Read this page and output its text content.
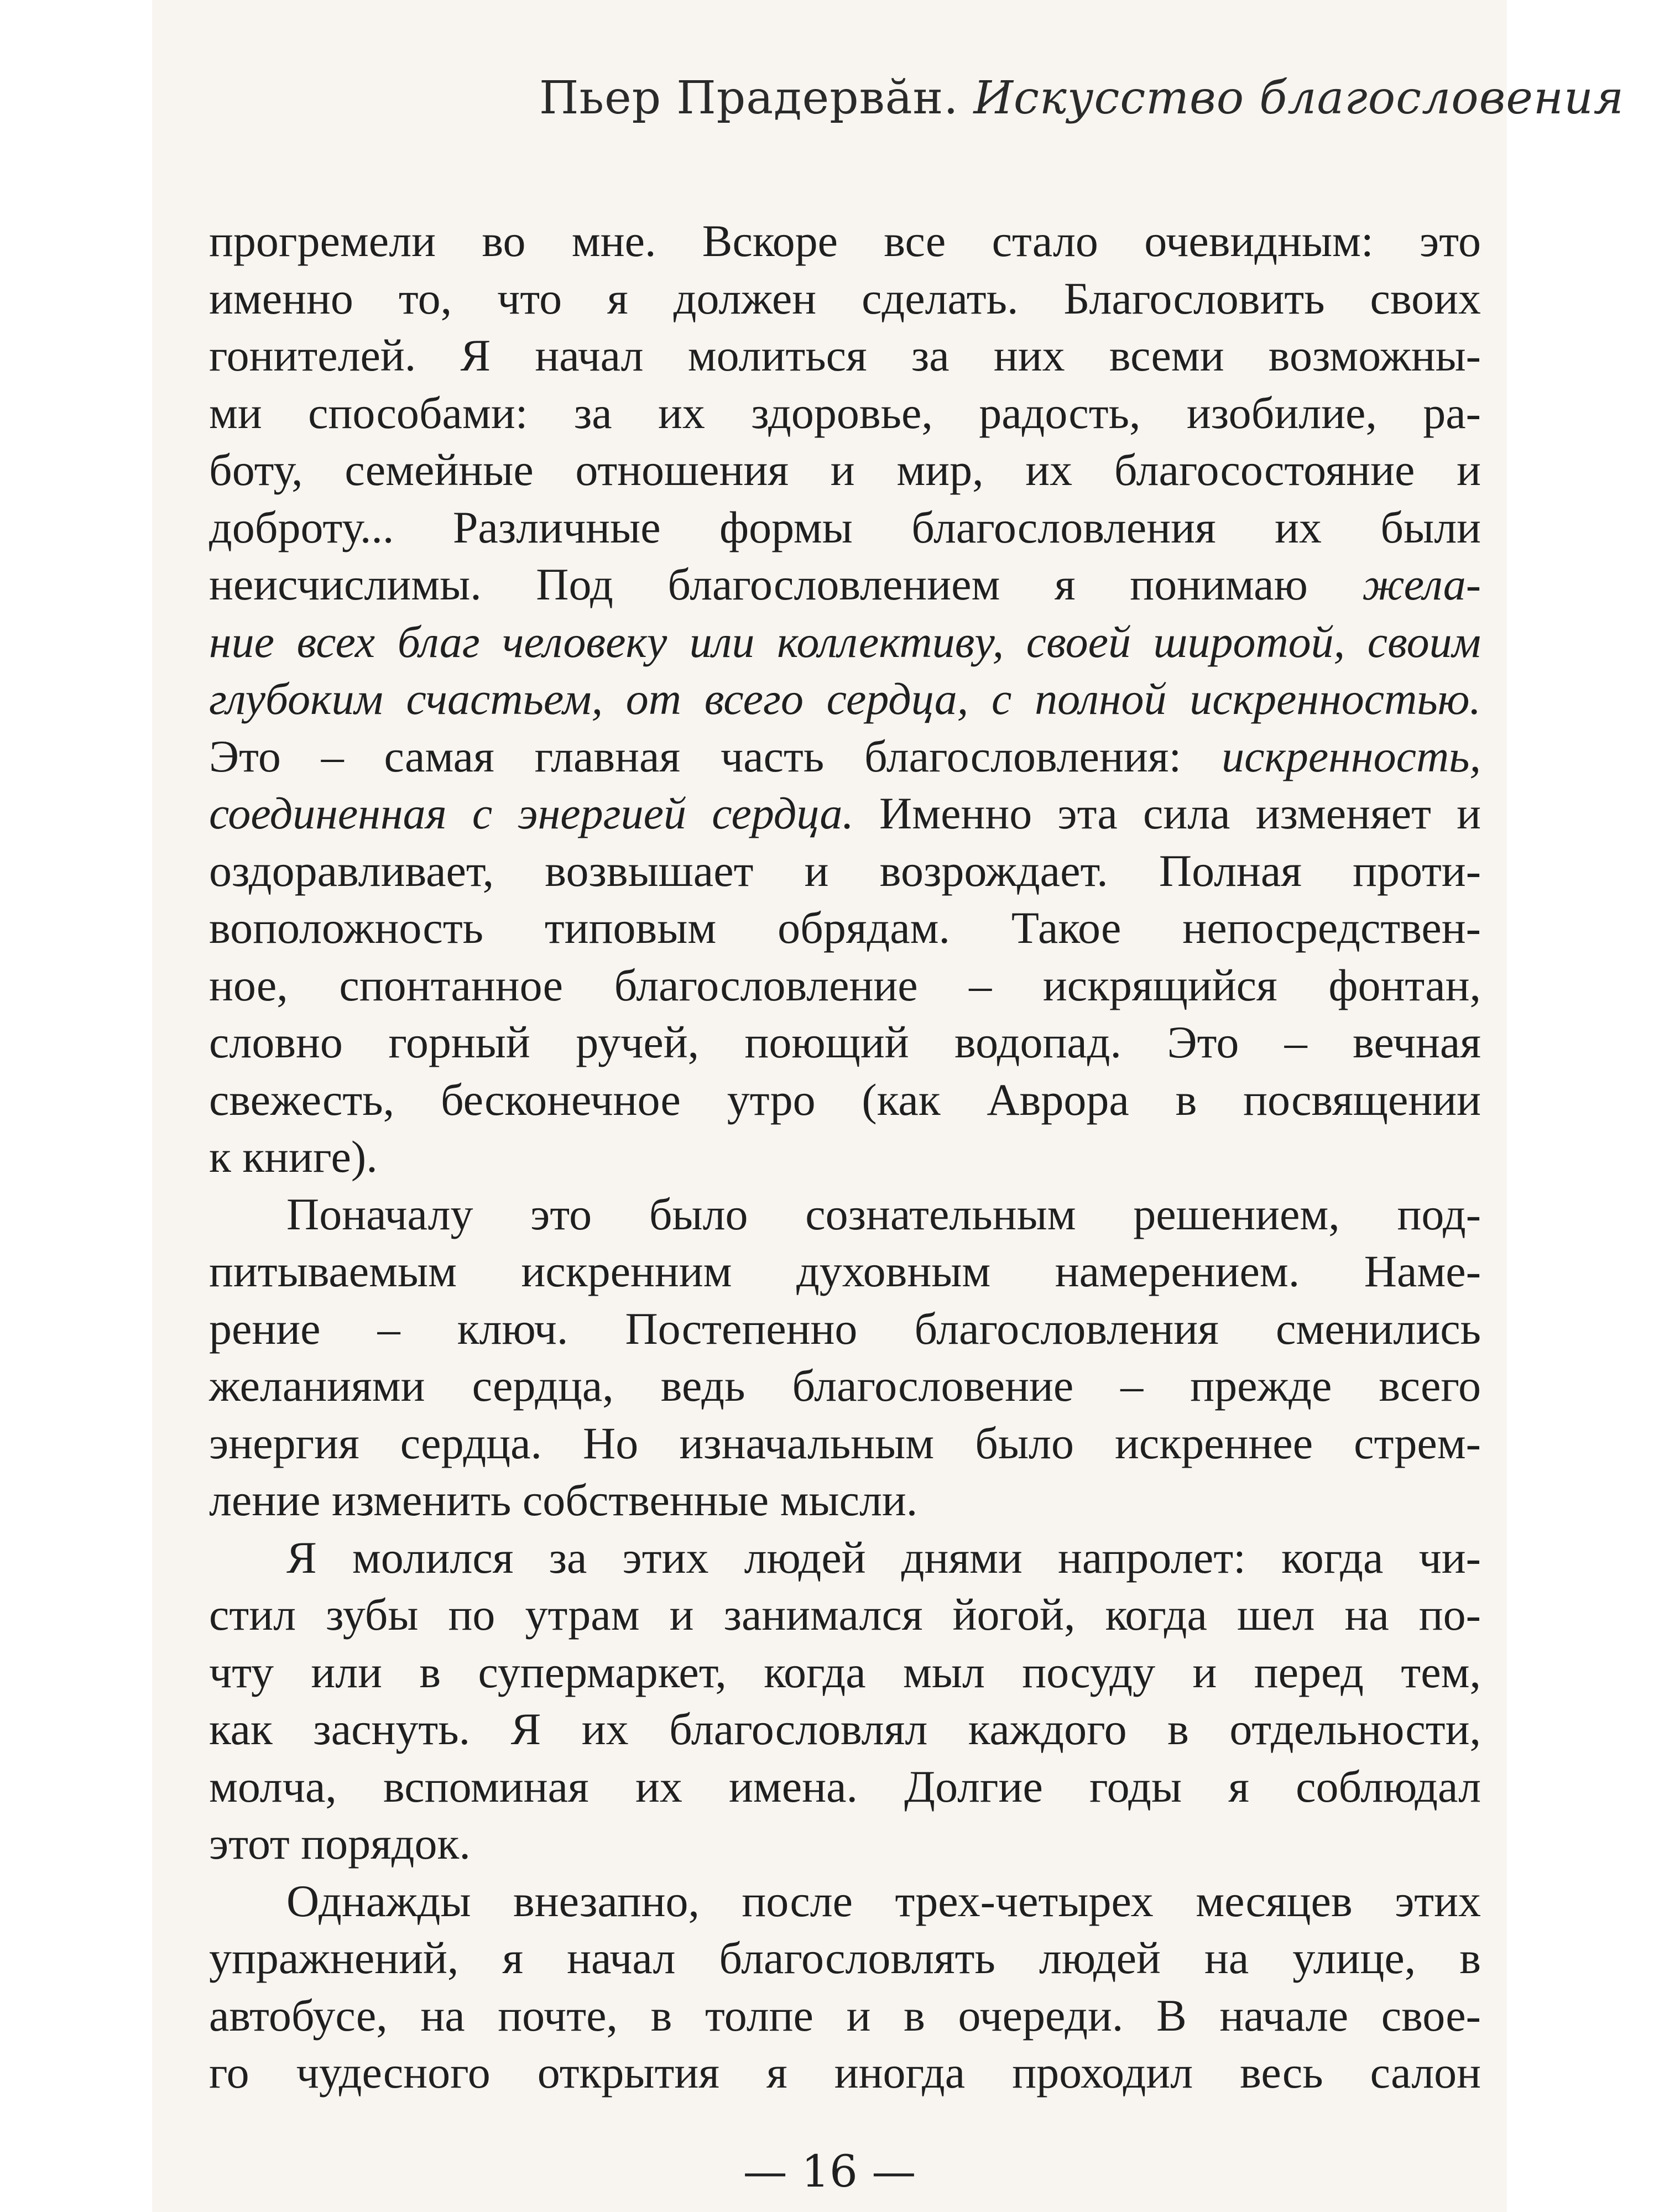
Пьер Прадервӑн. Искусство благословения
прогремели во мне. Вскоре все стало очевидным: это
именно то, что я должен сделать. Благословить своих
гонителей. Я начал молиться за них всеми возможны-
ми способами: за их здоровье, радость, изобилие, ра-
боту, семейные отношения и мир, их благосостояние и
доброту... Различные формы благословления их были
неисчислимы. Под благословлением я понимаю жела-
ние всех благ человеку или коллективу, своей широтой, своим
глубоким счастьем, от всего сердца, с полной искренностью.
Это – самая главная часть благословления: искренность,
соединенная с энергией сердца. Именно эта сила изменяет и
оздоравливает, возвышает и возрождает. Полная проти-
воположность типовым обрядам. Такое непосредствен-
ное, спонтанное благословление – искрящийся фонтан,
словно горный ручей, поющий водопад. Это – вечная
свежесть, бесконечное утро (как Аврора в посвящении
к книге).
Поначалу это было сознательным решением, под-
питываемым искренним духовным намерением. Наме-
рение – ключ. Постепенно благословления сменились
желаниями сердца, ведь благословение – прежде всего
энергия сердца. Но изначальным было искреннее стрем-
ление изменить собственные мысли.
Я молился за этих людей днями напролет: когда чи-
стил зубы по утрам и занимался йогой, когда шел на по-
чту или в супермаркет, когда мыл посуду и перед тем,
как заснуть. Я их благословлял каждого в отдельности,
молча, вспоминая их имена. Долгие годы я соблюдал
этот порядок.
Однажды внезапно, после трех-четырех месяцев этих
упражнений, я начал благословлять людей на улице, в
автобусе, на почте, в толпе и в очереди. В начале свое-
го чудесного открытия я иногда проходил весь салон
— 16 —
